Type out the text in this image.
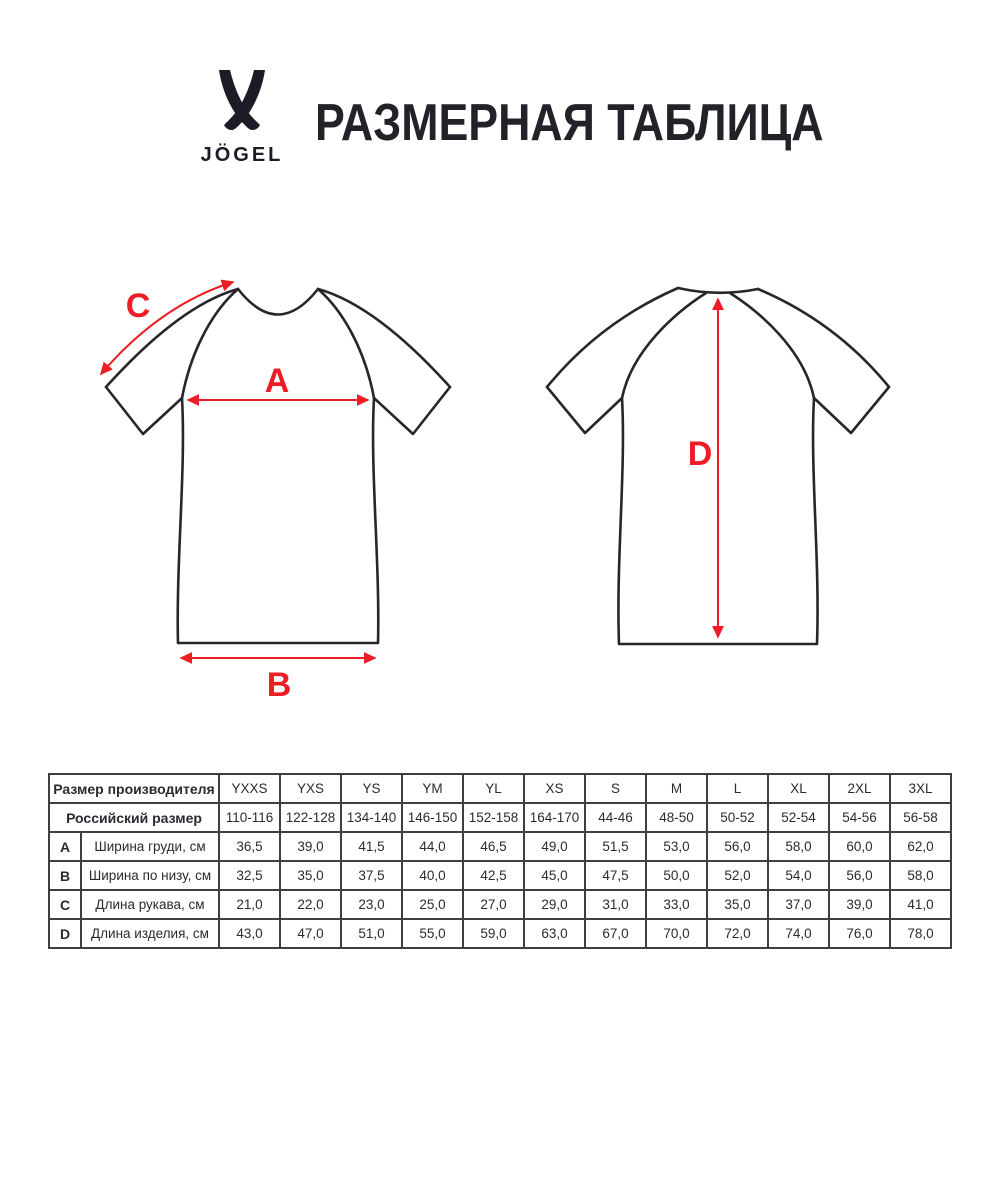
JÖGEL
РАЗМЕРНАЯ ТАБЛИЦА
A
B
C
D
Размер производителя		YXXS	YXS	YS	YM	YL	XS	S	M	L	XL	2XL	3XL
Российский размер		110-116	122-128	134-140	146-150	152-158	164-170	44-46	48-50	50-52	52-54	54-56	56-58
A	Ширина груди, см	36,5	39,0	41,5	44,0	46,5	49,0	51,5	53,0	56,0	58,0	60,0	62,0
B	Ширина по низу, см	32,5	35,0	37,5	40,0	42,5	45,0	47,5	50,0	52,0	54,0	56,0	58,0
C	Длина рукава, см	21,0	22,0	23,0	25,0	27,0	29,0	31,0	33,0	35,0	37,0	39,0	41,0
D	Длина изделия, см	43,0	47,0	51,0	55,0	59,0	63,0	67,0	70,0	72,0	74,0	76,0	78,0
